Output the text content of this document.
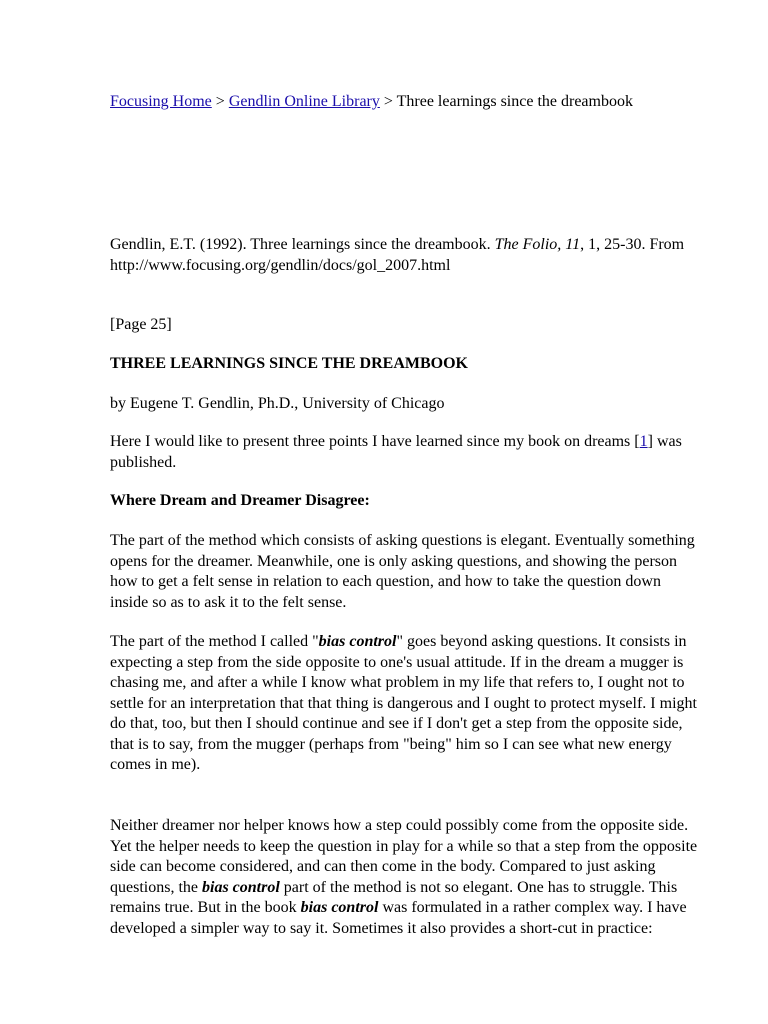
Focusing Home > Gendlin Online Library > Three learnings since the dreambook

Gendlin, E.T. (1992). Three learnings since the dreambook. The Folio, 11, 1, 25-30. From http://www.focusing.org/gendlin/docs/gol_2007.html

[Page 25]

THREE LEARNINGS SINCE THE DREAMBOOK

by Eugene T. Gendlin, Ph.D., University of Chicago

Here I would like to present three points I have learned since my book on dreams [1] was published.

Where Dream and Dreamer Disagree:

The part of the method which consists of asking questions is elegant. Eventually something opens for the dreamer. Meanwhile, one is only asking questions, and showing the person how to get a felt sense in relation to each question, and how to take the question down inside so as to ask it to the felt sense.

The part of the method I called "bias control" goes beyond asking questions. It consists in expecting a step from the side opposite to one's usual attitude. If in the dream a mugger is chasing me, and after a while I know what problem in my life that refers to, I ought not to settle for an interpretation that that thing is dangerous and I ought to protect myself. I might do that, too, but then I should continue and see if I don't get a step from the opposite side, that is to say, from the mugger (perhaps from "being" him so I can see what new energy comes in me).

Neither dreamer nor helper knows how a step could possibly come from the opposite side. Yet the helper needs to keep the question in play for a while so that a step from the opposite side can become considered, and can then come in the body. Compared to just asking questions, the bias control part of the method is not so elegant. One has to struggle. This remains true. But in the book bias control was formulated in a rather complex way. I have developed a simpler way to say it. Sometimes it also provides a short-cut in practice:
